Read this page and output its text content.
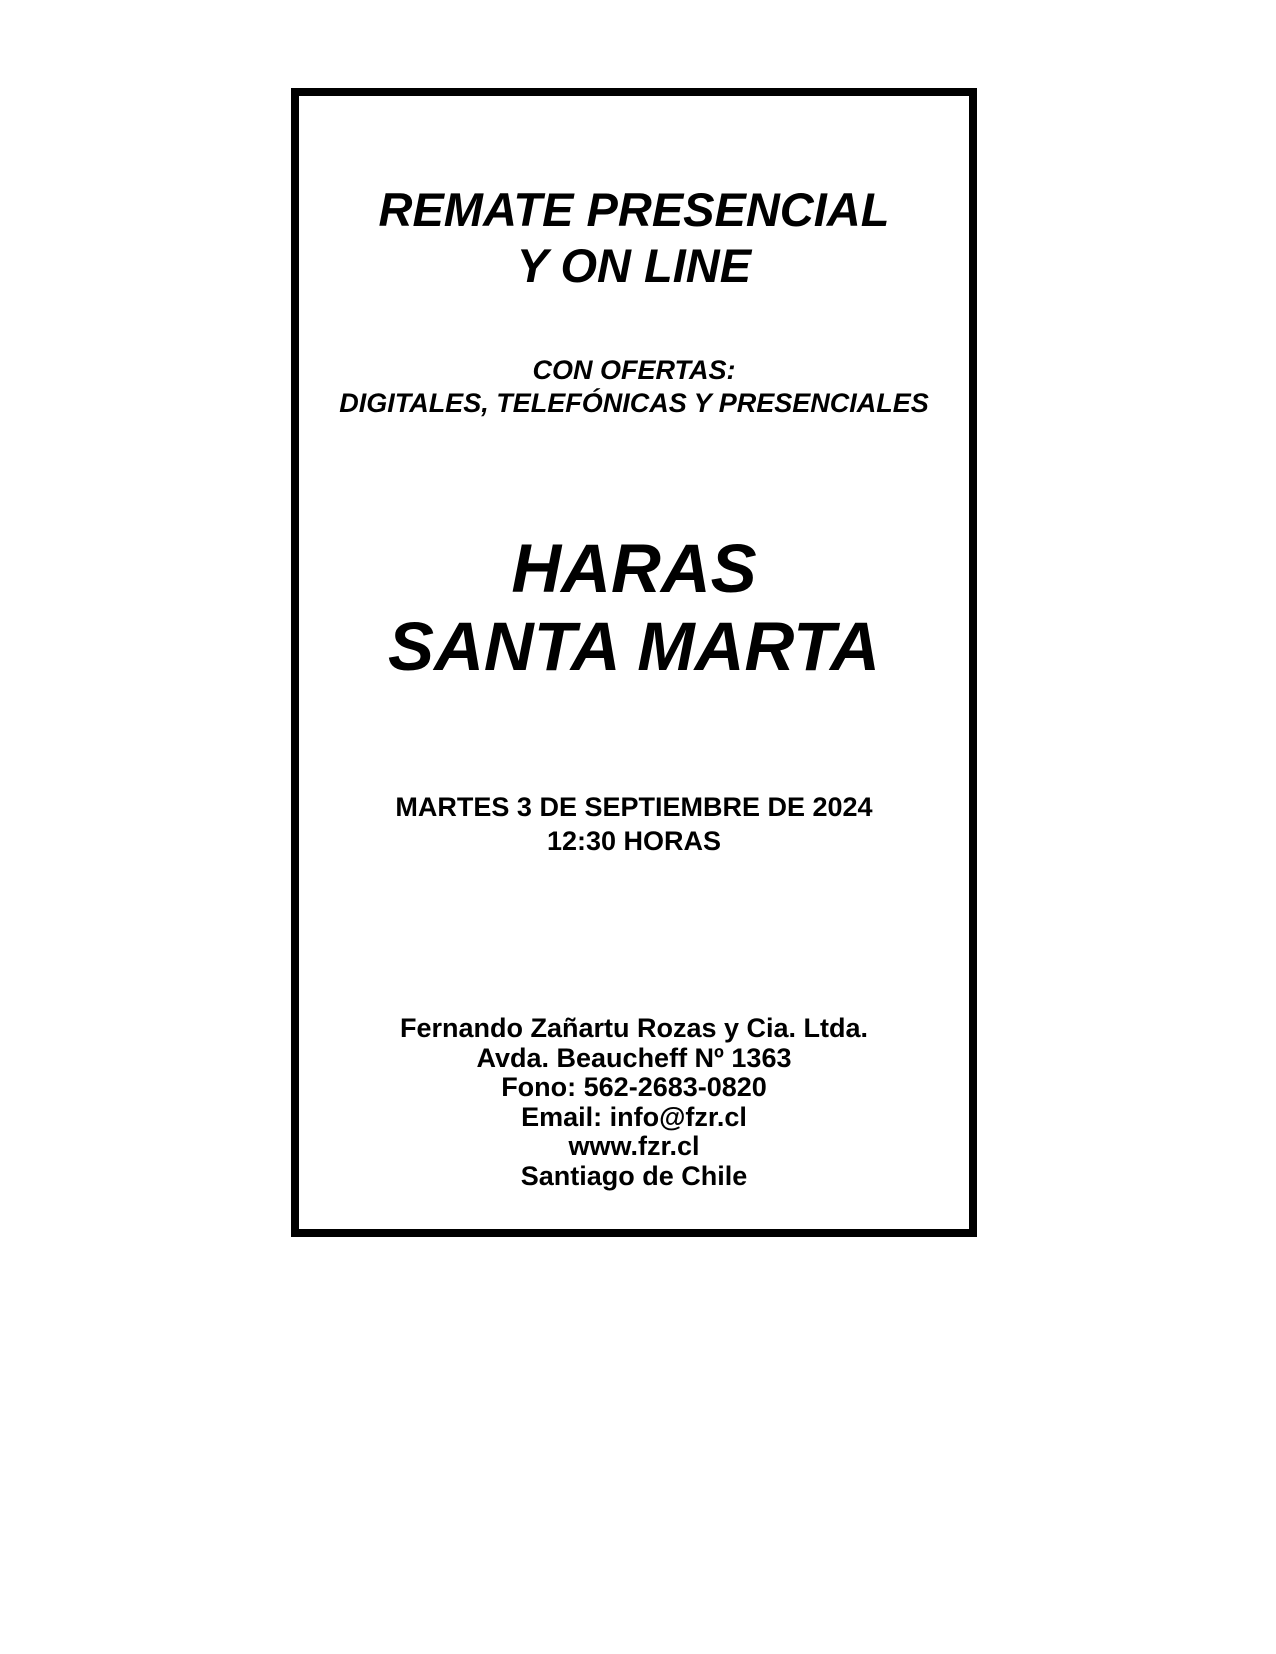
REMATE PRESENCIAL
Y ON LINE
CON OFERTAS:
DIGITALES, TELEFÓNICAS Y PRESENCIALES
HARAS
SANTA MARTA
MARTES 3 DE SEPTIEMBRE DE 2024
12:30 HORAS
Fernando Zañartu Rozas y Cia. Ltda.
Avda. Beaucheff Nº 1363
Fono: 562-2683-0820
Email: info@fzr.cl
www.fzr.cl
Santiago de Chile
